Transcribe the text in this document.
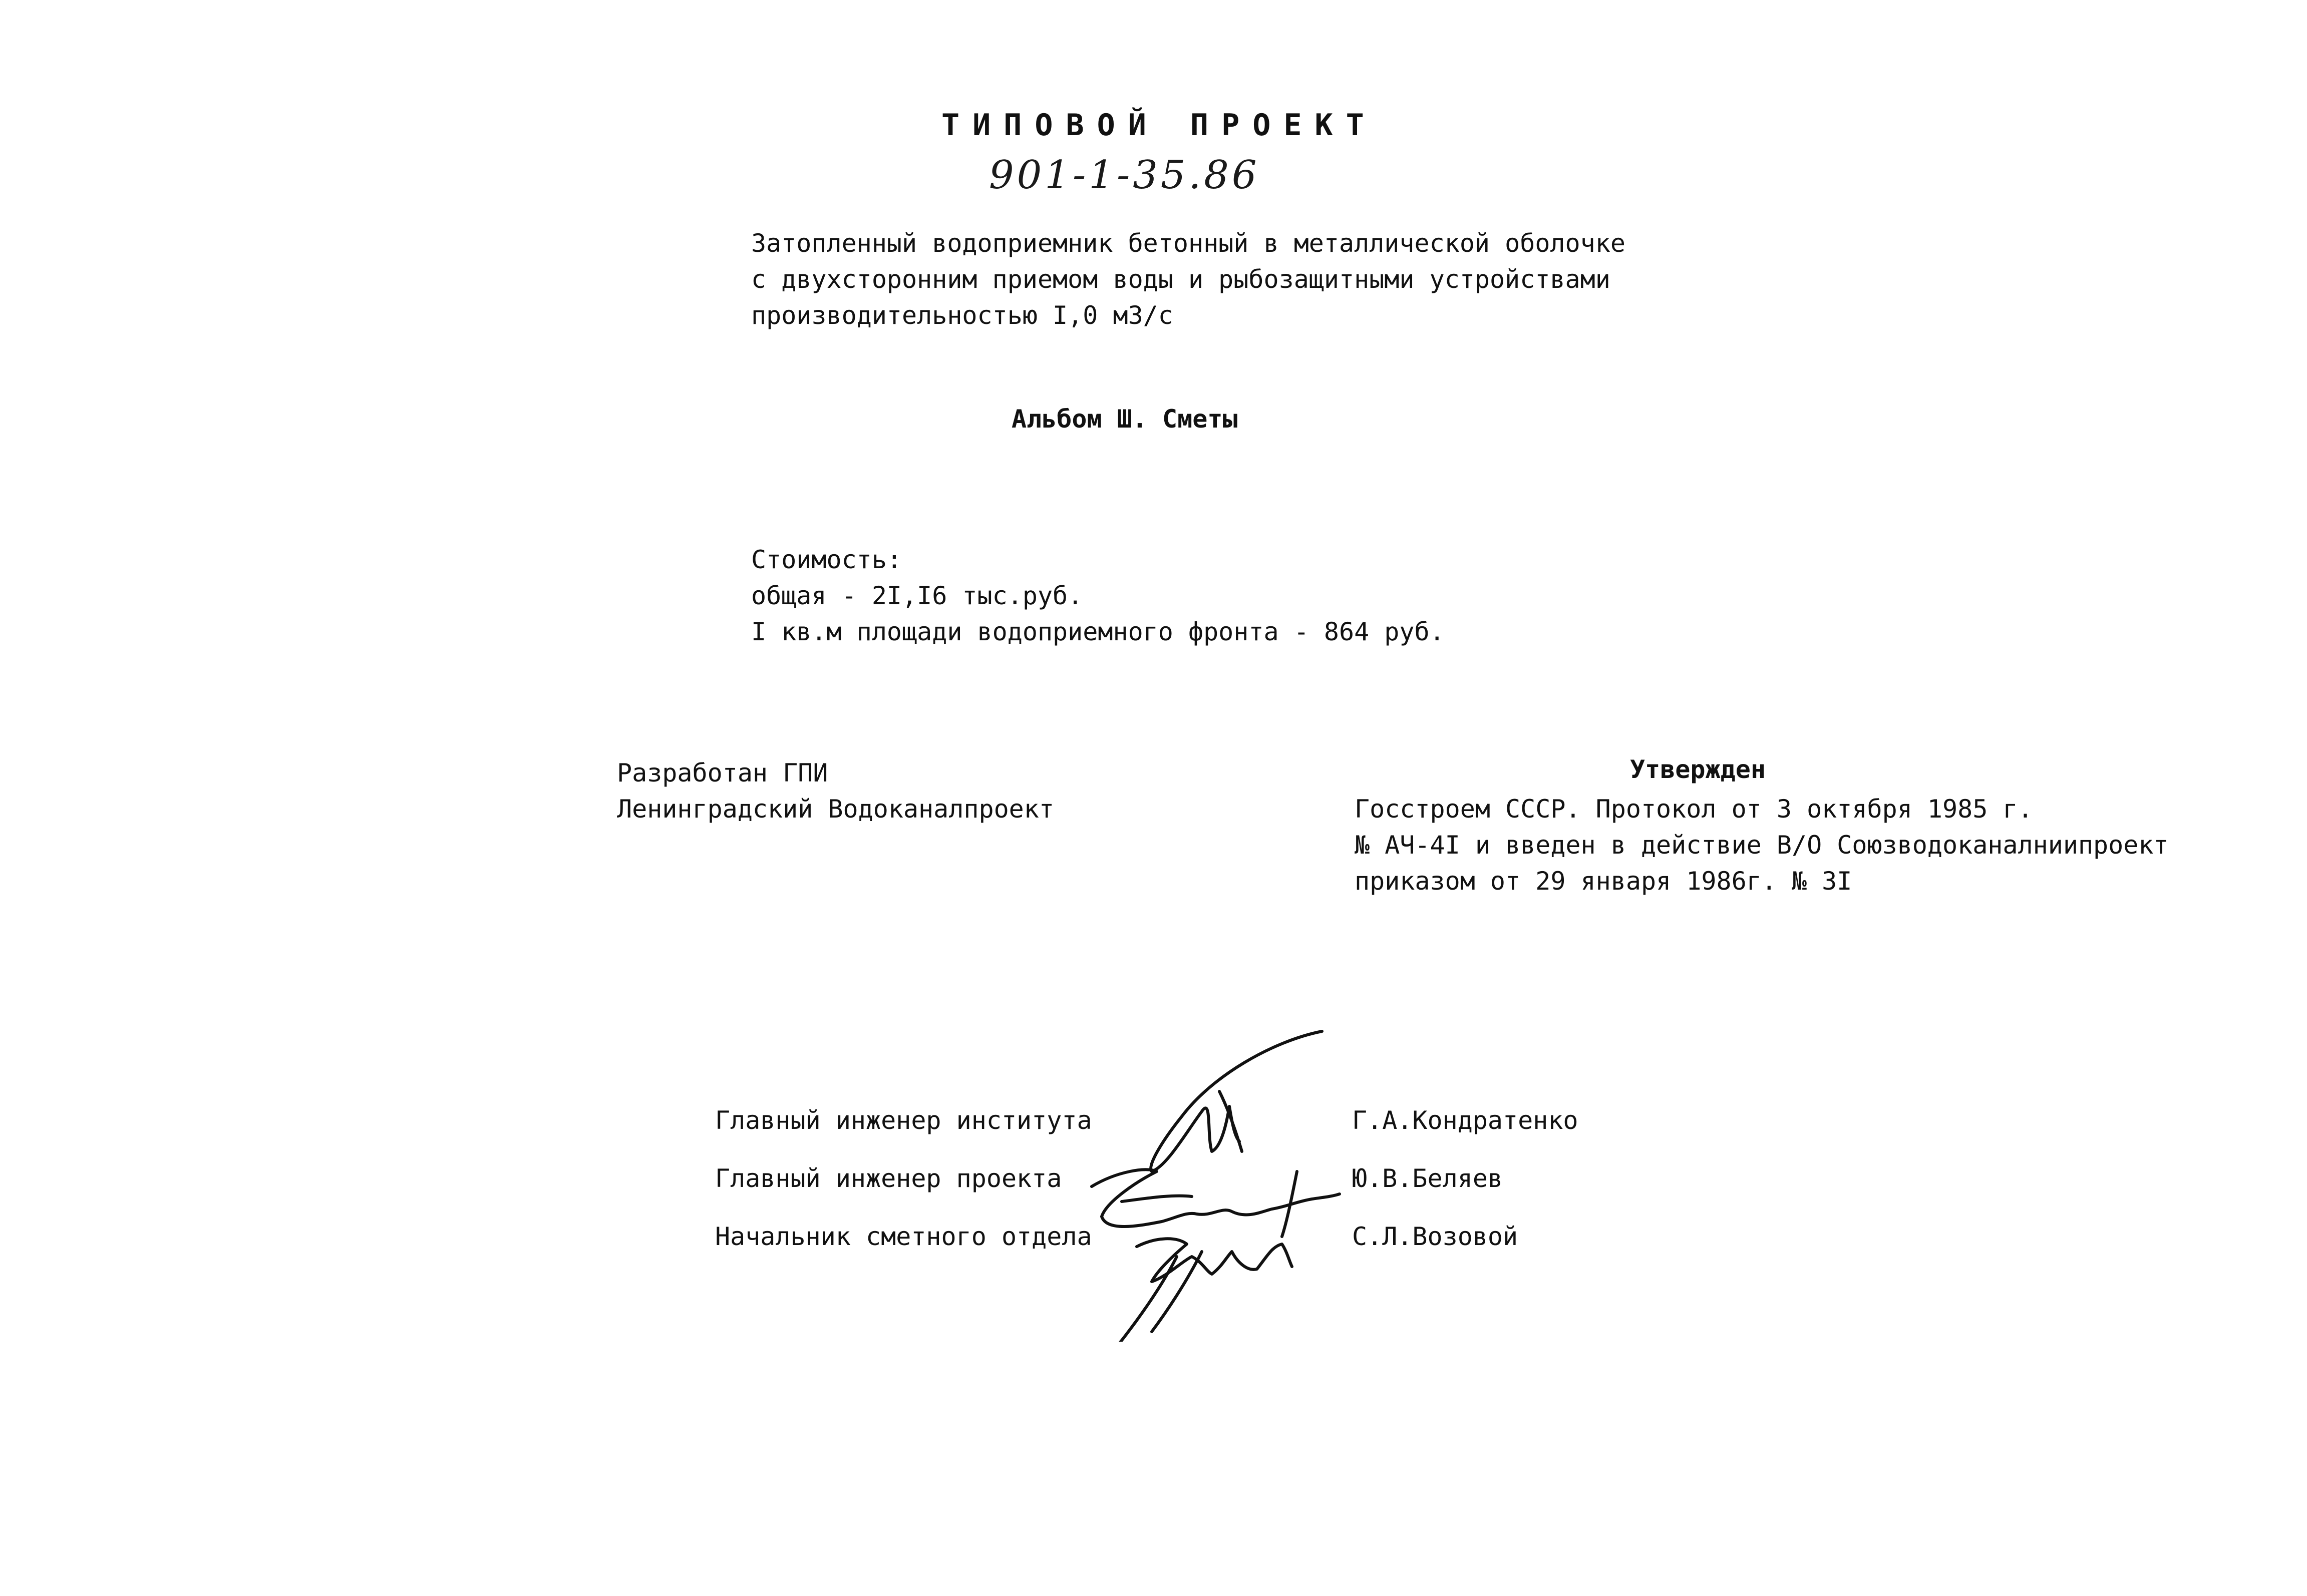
ТИПОВОЙ ПРОЕКТ
901-1-35.86
Затопленный водоприемник бетонный в металлической оболочке
с двухсторонним приемом воды и рыбозащитными устройствами
производительностью I,0 м3/с
Альбом Ш. Сметы
Стоимость:
общая - 2I,I6 тыс.руб.
I кв.м площади водоприемного фронта - 864 руб.
Разработан ГПИ
Ленинградский Водоканалпроект
Утвержден
Госстроем СССР. Протокол от 3 октября 1985 г.
№ АЧ-4I и введен в действие В/О Союзводоканалниипроект
приказом от 29 января 1986г. № 3I
Главный инженер института
Главный инженер проекта
Начальник сметного отдела
Г.А.Кондратенко
Ю.В.Беляев
С.Л.Возовой
